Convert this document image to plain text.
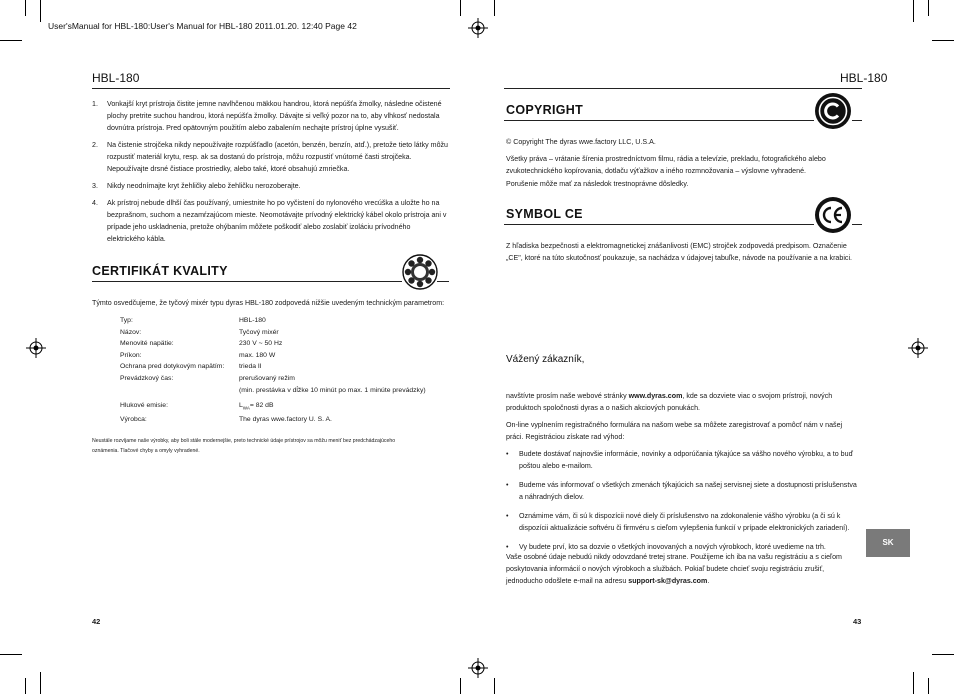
User'sManual for HBL-180:User's Manual for HBL-180 2011.01.20. 12:40 Page 42
HBL-180
1. Vonkajší kryt prístroja čistite jemne navlhčenou mäkkou handrou, ktorá nepúšťa žmolky, následne očistené plochy pretrite suchou handrou, ktorá nepúšťa žmolky. Dávajte si veľký pozor na to, aby vlhkosť nedostala dovnútra prístroja. Pred opätovným použitím alebo zabalením nechajte prístroj úplne vysušiť.
2. Na čistenie strojčeka nikdy nepoužívajte rozpúšťadlo (acetón, benzén, benzín, atď.), pretože tieto látky môžu rozpustiť materiál krytu, resp. ak sa dostanú do prístroja, môžu rozpustiť vnútorné časti strojčeka. Nepoužívajte drsné čistiace prostriedky, alebo také, ktoré obsahujú zmriečka.
3. Nikdy neodnímajte kryt žehličky alebo žehličku nerozoberajte.
4. Ak prístroj nebude dlhší čas používaný, umiestnite ho po vyčistení do nylonového vrecúška a uložte ho na bezprašnom, suchom a nezamŕzajúcom mieste. Neomotávajte prívodný elektrický kábel okolo prístroja ani v prípade jeho uskladnenia, pretože ohýbaním môžete poškodiť alebo zoslabiť izoláciu prívodného elektrického kábla.
CERTIFIKÁT KVALITY
Týmto osvedčujeme, že tyčový mixér typu dyras HBL-180 zodpovedá nižšie uvedeným technickým parametrom:
Typ:	HBL-180
Názov:	Tyčový mixér
Menovité napätie:	230 V ~ 50 Hz
Príkon:	max. 180 W
Ochrana pred dotykovým napätím:	trieda II
Prevádzkový čas:	prerušovaný režim
	(min. prestávka v dĺžke 10 minút po max. 1 minúte prevádzky)
Hlukové emisie:	$L_{WA}= 82$ dB
Výrobca:	The dyras wwe.factory U. S. A.
Neustále rozvíjame naše výrobky, aby boli stále modernejšie, preto technické údaje prístrojov sa môžu meniť bez predchádzajúceho oznámenia. Tlačové chyby a omyly vyhradené.
42
HBL-180
COPYRIGHT
© Copyright The dyras wwe.factory LLC, U.S.A.
Všetky práva – vrátanie šírenia prostredníctvom filmu, rádia a televízie, prekladu, fotografického alebo zvukotechnického kopírovania, dotlaču výťažkov a iného rozmnožovania – výslovne vyhradené.
Porušenie môže mať za následok trestnoprávne dôsledky.
SYMBOL CE
Z hľadiska bezpečnosti a elektromagnetickej znášanlivosti (EMC) strojček zodpovedá predpisom. Označenie „CE", ktoré na túto skutočnosť poukazuje, sa nachádza v údajovej tabuľke, návode na používanie a na krabici.
Vážený zákazník,
navštívte prosím naše webové stránky www.dyras.com, kde sa dozviete viac o svojom prístroji, nových produktoch spoločnosti dyras a o našich akciových ponukách.
On-line vyplnením registračného formulára na našom webe sa môžete zaregistrovať a pomôcť nám v našej práci. Registráciou získate rad výhod:
• Budete dostávať najnovšie informácie, novinky a odporúčania týkajúce sa vášho nového výrobku, a to buď poštou alebo e-mailom.
• Budeme vás informovať o všetkých zmenách týkajúcich sa našej servisnej siete a dostupnosti príslušenstva a náhradných dielov.
• Oznámime vám, či sú k dispozícii nové diely či príslušenstvo na zdokonalenie vášho výrobku (a či sú k dispozícii aktualizácie softvéru či firmvéru s cieľom vylepšenia funkcií v prípade elektronických zariadení).
• Vy budete prví, kto sa dozvie o všetkých inovovaných a nových výrobkoch, ktoré uvedieme na trh.
Vaše osobné údaje nebudú nikdy odovzdané tretej strane. Použijeme ich iba na vašu registráciu a s cieľom poskytovania informácií o nových výrobkoch a službách. Pokiaľ budete chcieť svoju registráciu zrušiť, jednoducho odošlete e-mail na adresu support-sk@dyras.com.
SK
43
